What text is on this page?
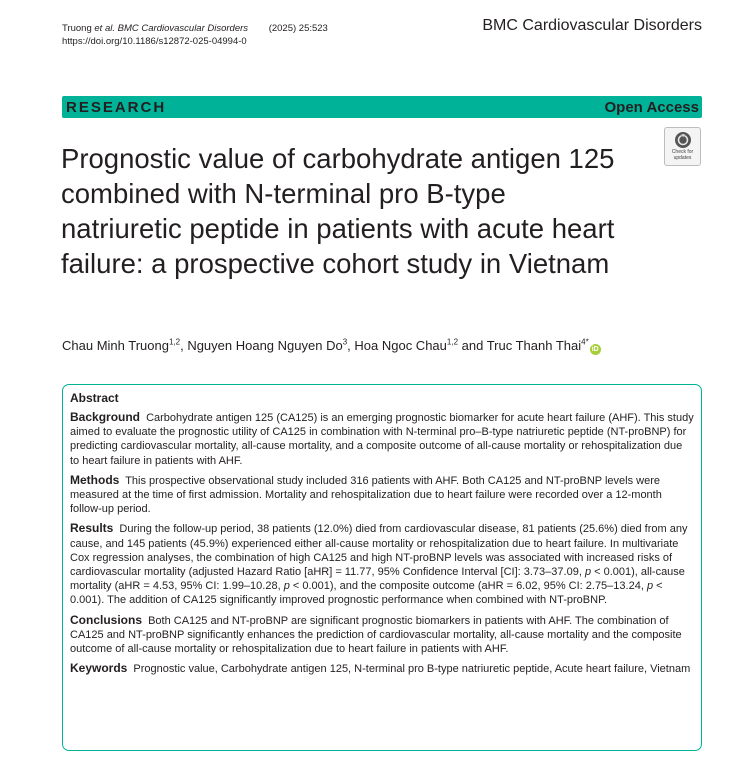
Truong et al. BMC Cardiovascular Disorders (2025) 25:523
https://doi.org/10.1186/s12872-025-04994-0
BMC Cardiovascular Disorders
RESEARCH	Open Access
Check for
updates
Prognostic value of carbohydrate antigen 125 combined with N-terminal pro B-type natriuretic peptide in patients with acute heart failure: a prospective cohort study in Vietnam
Chau Minh Truong$^{1,2}$, Nguyen Hoang Nguyen Do$^3$, Hoa Ngoc Chau$^{1,2}$ and Truc Thanh Thai$^{4*}$iD
Abstract

Background Carbohydrate antigen 125 (CA125) is an emerging prognostic biomarker for acute heart failure (AHF). This study aimed to evaluate the prognostic utility of CA125 in combination with N-terminal pro–B-type natriuretic peptide (NT-proBNP) for predicting cardiovascular mortality, all-cause mortality, and a composite outcome of all-cause mortality or rehospitalization due to heart failure in patients with AHF.

Methods This prospective observational study included 316 patients with AHF. Both CA125 and NT-proBNP levels were measured at the time of first admission. Mortality and rehospitalization due to heart failure were recorded over a 12-month follow-up period.

Results During the follow-up period, 38 patients (12.0%) died from cardiovascular disease, 81 patients (25.6%) died from any cause, and 145 patients (45.9%) experienced either all-cause mortality or rehospitalization due to heart failure. In multivariate Cox regression analyses, the combination of high CA125 and high NT-proBNP levels was associated with increased risks of cardiovascular mortality (adjusted Hazard Ratio [aHR] = 11.77, 95% Confidence Interval [CI]: 3.73–37.09, p < 0.001), all-cause mortality (aHR = 4.53, 95% CI: 1.99–10.28, p < 0.001), and the composite outcome (aHR = 6.02, 95% CI: 2.75–13.24, p < 0.001). The addition of CA125 significantly improved prognostic performance when combined with NT-proBNP.

Conclusions Both CA125 and NT-proBNP are significant prognostic biomarkers in patients with AHF. The combination of CA125 and NT-proBNP significantly enhances the prediction of cardiovascular mortality, all-cause mortality and the composite outcome of all-cause mortality or rehospitalization due to heart failure in patients with AHF.

Keywords Prognostic value, Carbohydrate antigen 125, N-terminal pro B-type natriuretic peptide, Acute heart failure, Vietnam
